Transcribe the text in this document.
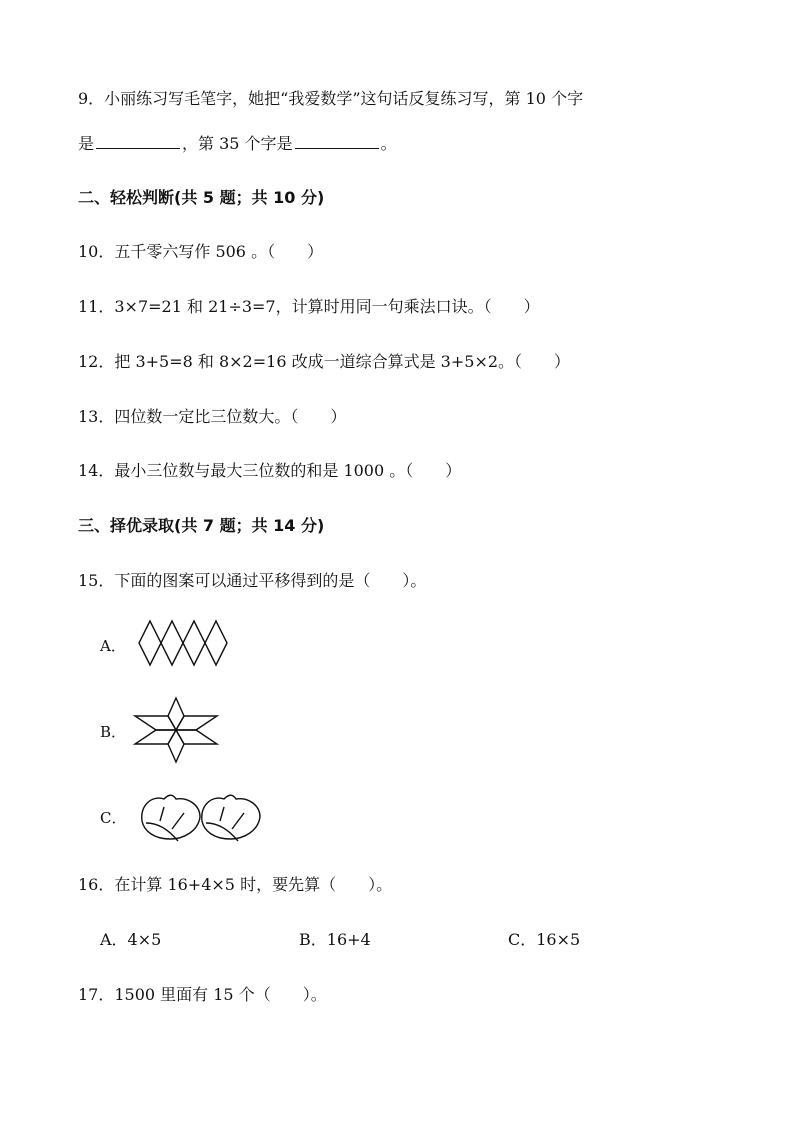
9．小丽练习写毛笔字，她把“我爱数学”这句话反复练习写，第 10 个字
是	，第 35 个字是	。
二、轻松判断(共 5 题；共 10 分)
10．五千零六写作 506 。（　　）
11．3×7=21 和 21÷3=7，计算时用同一句乘法口诀。（　　）
12．把 3+5=8 和 8×2=16 改成一道综合算式是 3+5×2。（　　）
13．四位数一定比三位数大。（　　）
14．最小三位数与最大三位数的和是 1000 。（　　）
三、择优录取(共 7 题；共 14 分)
15．下面的图案可以通过平移得到的是（　　）。
A．
B．
C．
16．在计算 16+4×5 时，要先算（　　）。
A．4×5	B．16+4	C．16×5
17．1500 里面有 15 个（　　）。
